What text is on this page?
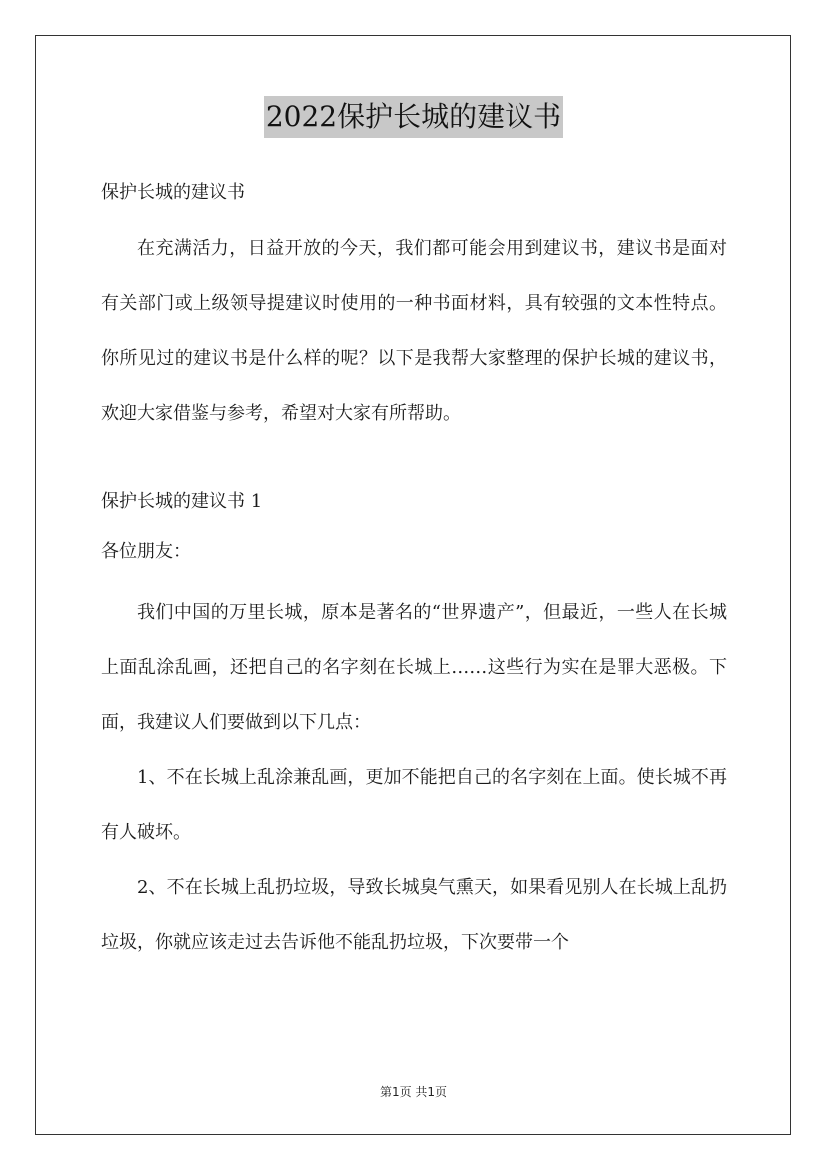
2022保护长城的建议书
保护长城的建议书

在充满活力，日益开放的今天，我们都可能会用到建议书，建议书是面对有关部门或上级领导提建议时使用的一种书面材料，具有较强的文本性特点。你所见过的建议书是什么样的呢？以下是我帮大家整理的保护长城的建议书，欢迎大家借鉴与参考，希望对大家有所帮助。

保护长城的建议书 1
各位朋友：

我们中国的万里长城，原本是著名的“世界遗产”，但最近，一些人在长城上面乱涂乱画，还把自己的名字刻在长城上……这些行为实在是罪大恶极。下面，我建议人们要做到以下几点：

1、不在长城上乱涂兼乱画，更加不能把自己的名字刻在上面。使长城不再有人破坏。

2、不在长城上乱扔垃圾，导致长城臭气熏天，如果看见别人在长城上乱扔垃圾，你就应该走过去告诉他不能乱扔垃圾，下次要带一个

第1页 共1页
